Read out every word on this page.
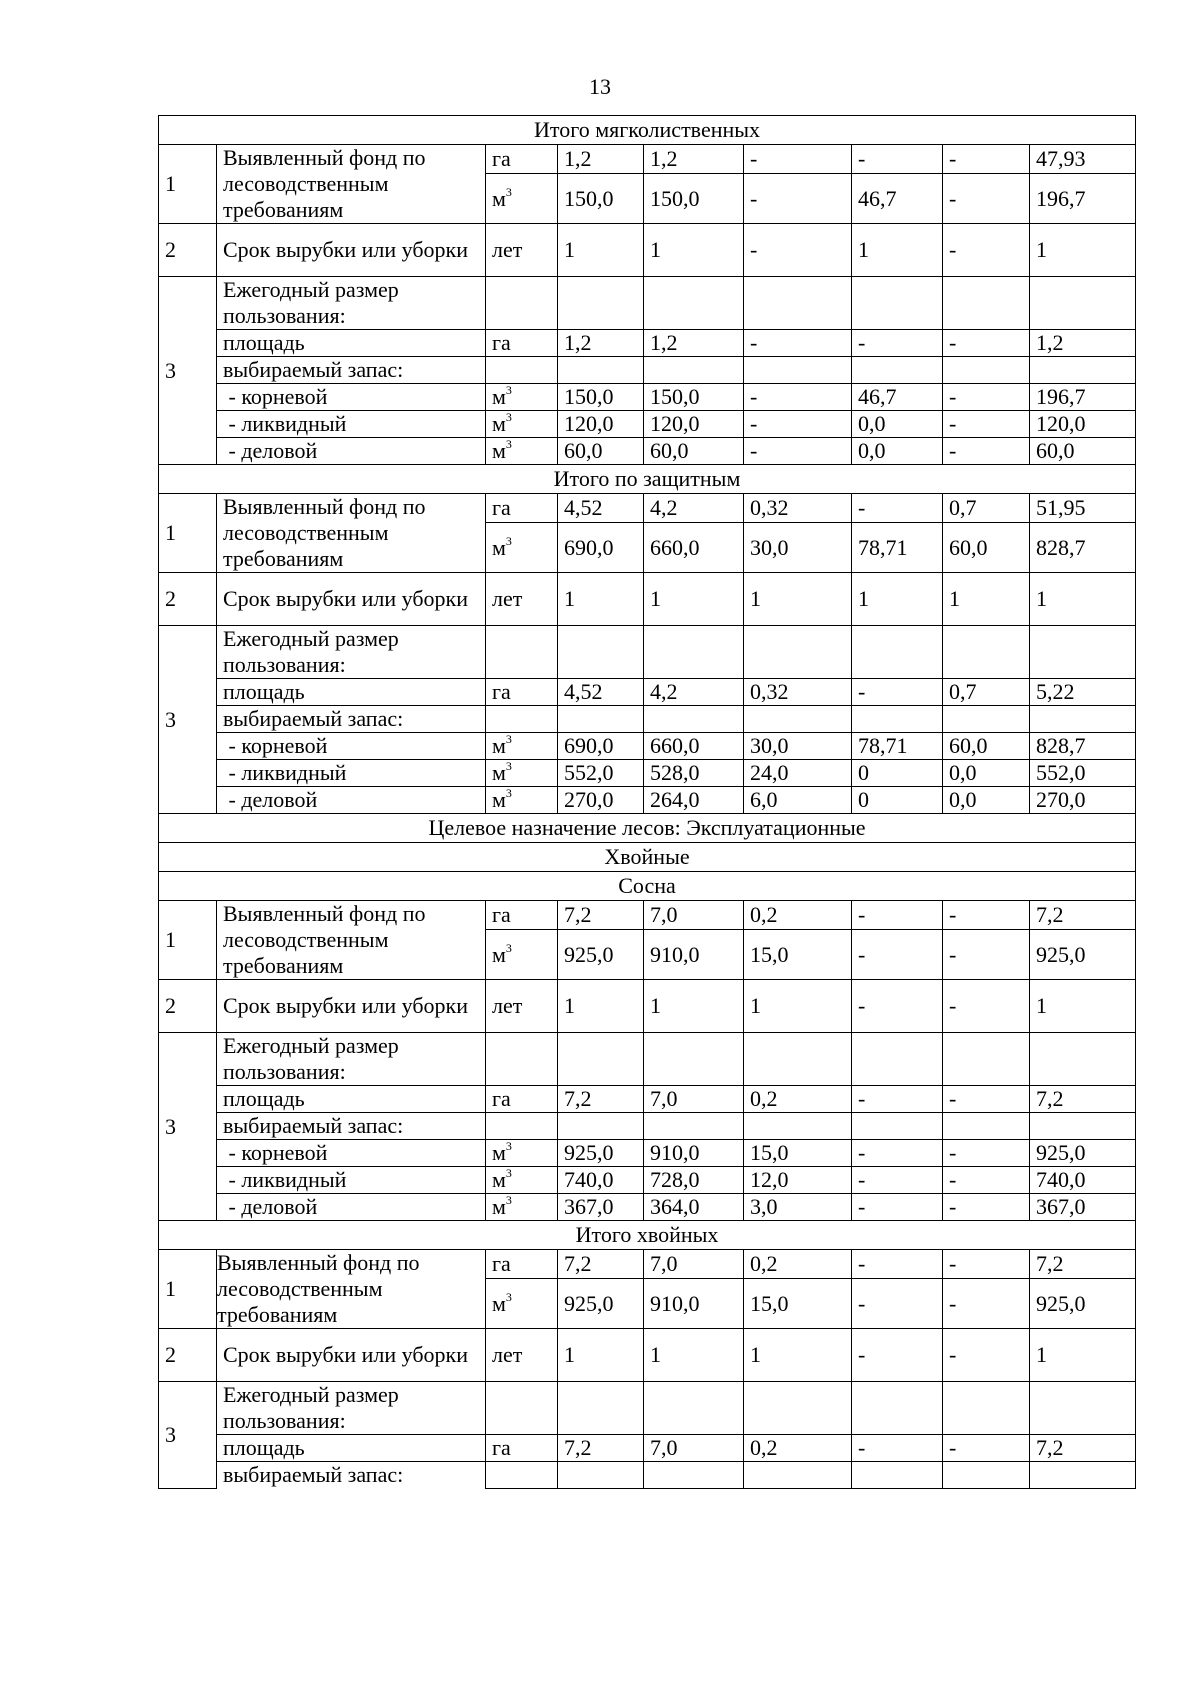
13
Итого мягколиственных								
1	Выявленный фонд по лесоводственным требованиям	га	1,2	1,2	-	-	-	47,93
		$м^3$	150,0	150,0	-	46,7	-	196,7
2	Срок вырубки или уборки	лет	1	1	-	1	-	1
3	Ежегодный размер пользования:							
	площадь	га	1,2	1,2	-	-	-	1,2
	выбираемый запас:							
	- корневой	$м^3$	150,0	150,0	-	46,7	-	196,7
	- ликвидный	$м^3$	120,0	120,0	-	0,0	-	120,0
	- деловой	$м^3$	60,0	60,0	-	0,0	-	60,0
Итого по защитным								
1	Выявленный фонд по лесоводственным требованиям	га	4,52	4,2	0,32	-	0,7	51,95
		$м^3$	690,0	660,0	30,0	78,71	60,0	828,7
2	Срок вырубки или уборки	лет	1	1	1	1	1	1
3	Ежегодный размер пользования:							
	площадь	га	4,52	4,2	0,32	-	0,7	5,22
	выбираемый запас:							
	- корневой	$м^3$	690,0	660,0	30,0	78,71	60,0	828,7
	- ликвидный	$м^3$	552,0	528,0	24,0	0	0,0	552,0
	- деловой	$м^3$	270,0	264,0	6,0	0	0,0	270,0
Целевое назначение лесов: Эксплуатационные								
Хвойные								
Сосна								
1	Выявленный фонд по лесоводственным требованиям	га	7,2	7,0	0,2	-	-	7,2
		$м^3$	925,0	910,0	15,0	-	-	925,0
2	Срок вырубки или уборки	лет	1	1	1	-	-	1
3	Ежегодный размер пользования:							
	площадь	га	7,2	7,0	0,2	-	-	7,2
	выбираемый запас:							
	- корневой	$м^3$	925,0	910,0	15,0	-	-	925,0
	- ликвидный	$м^3$	740,0	728,0	12,0	-	-	740,0
	- деловой	$м^3$	367,0	364,0	3,0	-	-	367,0
Итого хвойных								
1	Выявленный фонд по лесоводственным требованиям	га	7,2	7,0	0,2	-	-	7,2
		$м^3$	925,0	910,0	15,0	-	-	925,0
2	Срок вырубки или уборки	лет	1	1	1	-	-	1
3	Ежегодный размер пользования:							
	площадь	га	7,2	7,0	0,2	-	-	7,2
	выбираемый запас:							
